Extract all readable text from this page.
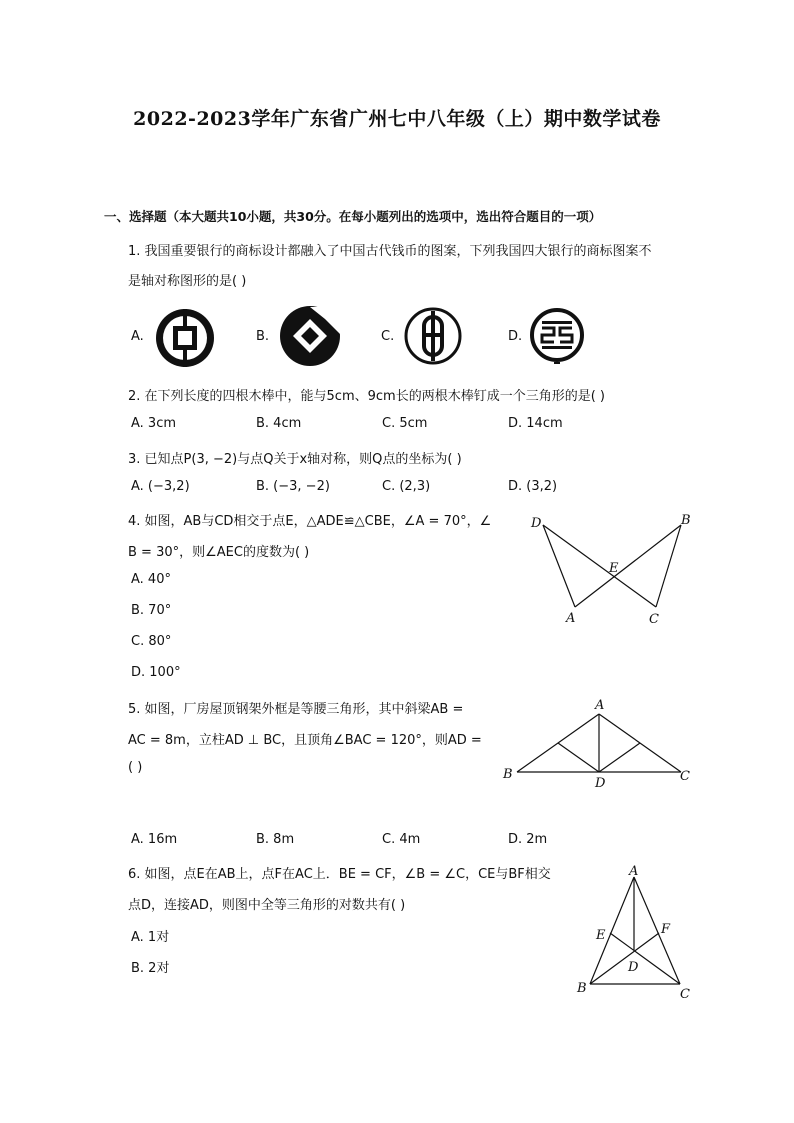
2022-2023学年广东省广州七中八年级（上）期中数学试卷
一、选择题（本大题共10小题，共30分。在每小题列出的选项中，选出符合题目的一项）
1. 我国重要银行的商标设计都融入了中国古代钱币的图案，下列我国四大银行的商标图案不
是轴对称图形的是( )
A.	B.	C.	D.
2. 在下列长度的四根木棒中，能与5cm、9cm长的两根木棒钉成一个三角形的是( )
A. 3cm	B. 4cm	C. 5cm	D. 14cm
3. 已知点P(3, −2)与点Q关于x轴对称，则Q点的坐标为( )
A. (−3,2)	B. (−3, −2)	C. (2,3)	D. (3,2)
4. 如图，AB与CD相交于点E，△ADE≌△CBE，∠A = 70°，∠
B = 30°，则∠AEC的度数为( )
A. 40°
B. 70°
C. 80°
D. 100°
D	B
E
A	C
5. 如图，厂房屋顶钢架外框是等腰三角形，其中斜梁AB =
AC = 8m，立柱AD ⊥ BC，且顶角∠BAC = 120°，则AD =
( )
A
B	C
D
A. 16m	B. 8m	C. 4m	D. 2m
6. 如图，点E在AB上，点F在AC上．BE = CF，∠B = ∠C，CE与BF相交
点D，连接AD，则图中全等三角形的对数共有( )
A. 1对
B. 2对
A
E	F
D
B	C
